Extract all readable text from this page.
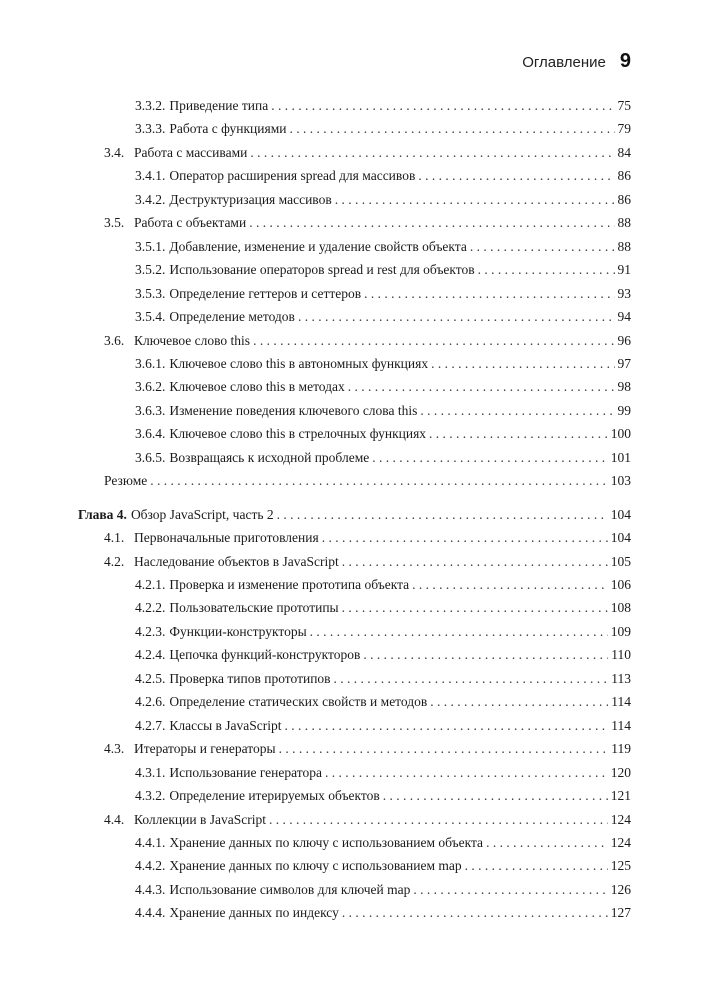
Оглавление 9
3.3.2. Приведение типа . . .	75
3.3.3. Работа с функциями . . .	79
3.4. Работа с массивами . . .	84
3.4.1. Оператор расширения spread для массивов . . .	86
3.4.2. Деструктуризация массивов . . .	86
3.5. Работа с объектами . . .	88
3.5.1. Добавление, изменение и удаление свойств объекта . . .	88
3.5.2. Использование операторов spread и rest для объектов . . .	91
3.5.3. Определение геттеров и сеттеров . . .	93
3.5.4. Определение методов . . .	94
3.6. Ключевое слово this . . .	96
3.6.1. Ключевое слово this в автономных функциях . . .	97
3.6.2. Ключевое слово this в методах . . .	98
3.6.3. Изменение поведения ключевого слова this . . .	99
3.6.4. Ключевое слово this в стрелочных функциях . . .	100
3.6.5. Возвращаясь к исходной проблеме . . .	101
Резюме . . .	103
Глава 4. Обзор JavaScript, часть 2 . . .	104
4.1. Первоначальные приготовления . . .	104
4.2. Наследование объектов в JavaScript . . .	105
4.2.1. Проверка и изменение прототипа объекта . . .	106
4.2.2. Пользовательские прототипы . . .	108
4.2.3. Функции-конструкторы . . .	109
4.2.4. Цепочка функций-конструкторов . . .	110
4.2.5. Проверка типов прототипов . . .	113
4.2.6. Определение статических свойств и методов . . .	114
4.2.7. Классы в JavaScript . . .	114
4.3. Итераторы и генераторы . . .	119
4.3.1. Использование генератора . . .	120
4.3.2. Определение итерируемых объектов . . .	121
4.4. Коллекции в JavaScript . . .	124
4.4.1. Хранение данных по ключу с использованием объекта . . .	124
4.4.2. Хранение данных по ключу с использованием map . . .	125
4.4.3. Использование символов для ключей map . . .	126
4.4.4. Хранение данных по индексу . . .	127
